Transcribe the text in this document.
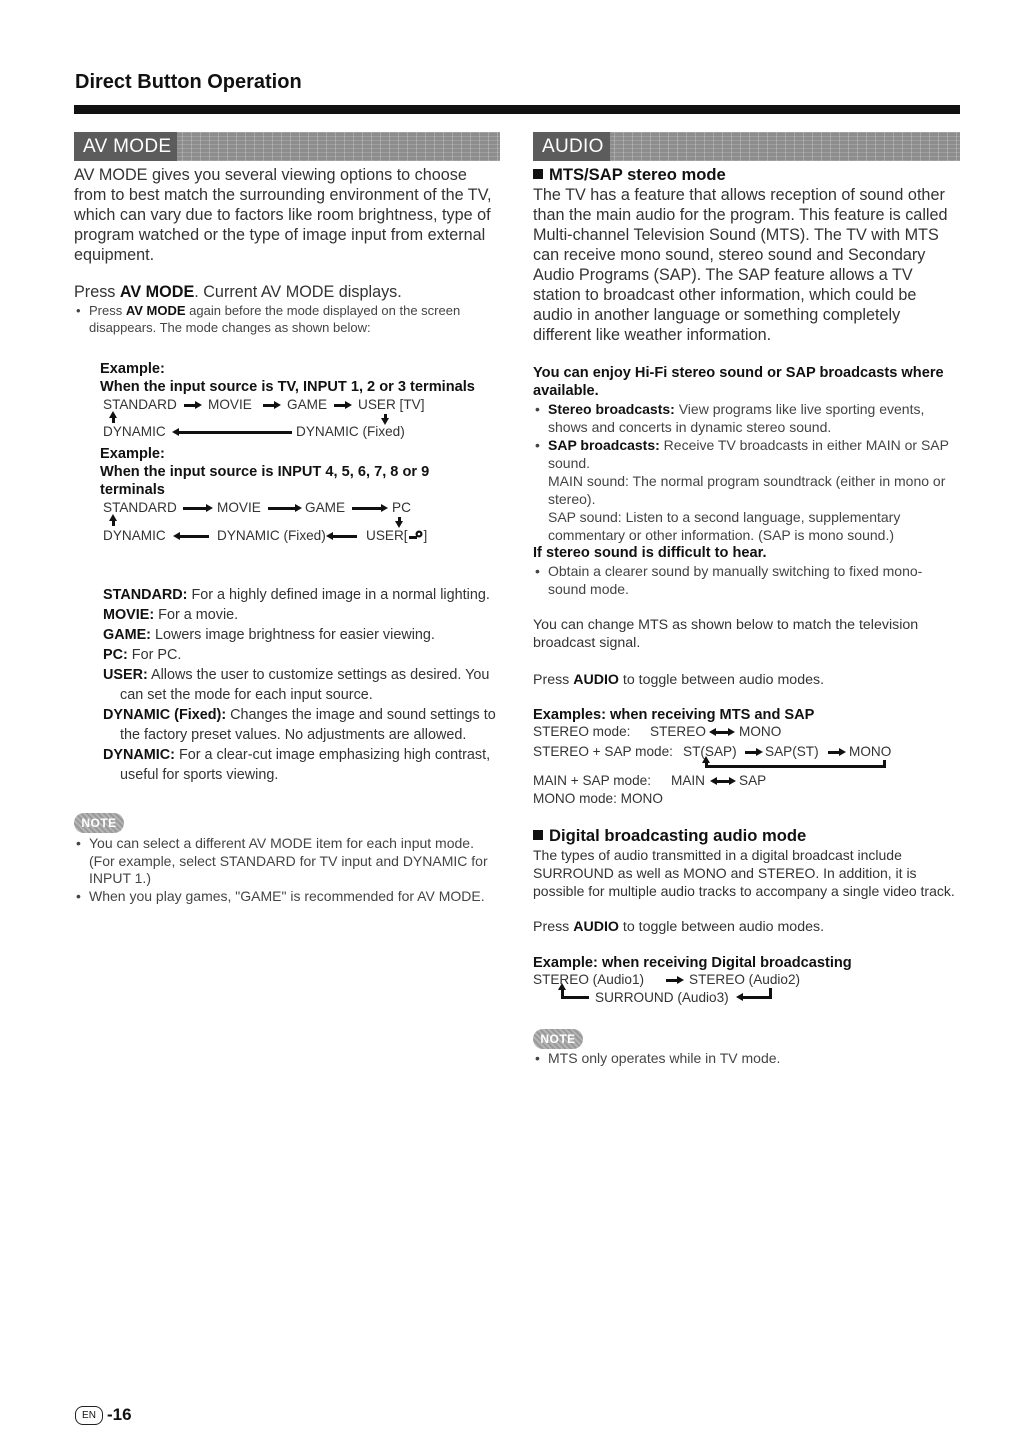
Direct Button Operation
AV MODE

AV MODE gives you several viewing options to choose from to best match the surrounding environment of the TV, which can vary due to factors like room brightness, type of program watched or the type of image input from external equipment.

Press AV MODE. Current AV MODE displays.

• Press AV MODE again before the mode displayed on the screen disappears. The mode changes as shown below:
Example:
When the input source is TV, INPUT 1, 2 or 3 terminals
STANDARD MOVIE	GAME USER [TV]
DYNAMIC	DYNAMIC (Fixed)
Example:
When the input source is INPUT 4, 5, 6, 7, 8 or 9 terminals
STANDARD	MOVIE	GAME	PC
DYNAMIC	DYNAMIC (Fixed)	USER[ ]

STANDARD: For a highly defined image in a normal lighting.

MOVIE: For a movie.

GAME: Lowers image brightness for easier viewing.

PC: For PC.

USER: Allows the user to customize settings as desired. You can set the mode for each input source.

DYNAMIC (Fixed): Changes the image and sound settings to the factory preset values. No adjustments are allowed.

DYNAMIC: For a clear-cut image emphasizing high contrast, useful for sports viewing.

NOTE
• You can select a different AV MODE item for each input mode. (For example, select STANDARD for TV input and DYNAMIC for INPUT 1.)
• When you play games, "GAME" is recommended for AV MODE.
AUDIO
MTS/SAP stereo mode

The TV has a feature that allows reception of sound other than the main audio for the program. This feature is called Multi-channel Television Sound (MTS). The TV with MTS can receive mono sound, stereo sound and Secondary Audio Programs (SAP). The SAP feature allows a TV station to broadcast other information, which could be audio in another language or something completely different like weather information.

You can enjoy Hi-Fi stereo sound or SAP broadcasts where available.
• Stereo broadcasts: View programs like live sporting events, shows and concerts in dynamic stereo sound.
• SAP broadcasts: Receive TV broadcasts in either MAIN or SAP sound.
MAIN sound: The normal program soundtrack (either in mono or stereo).
SAP sound: Listen to a second language, supplementary commentary or other information. (SAP is mono sound.)
If stereo sound is difficult to hear.
• Obtain a clearer sound by manually switching to fixed mono-sound mode.

You can change MTS as shown below to match the television broadcast signal.

Press AUDIO to toggle between audio modes.

Examples: when receiving MTS and SAP
STEREO mode: STEREO MONO
STEREO + SAP mode: ST(SAP) SAP(ST) MONO
MAIN + SAP mode: MAIN	SAP
MONO mode: MONO
Digital broadcasting audio mode

The types of audio transmitted in a digital broadcast include SURROUND as well as MONO and STEREO. In addition, it is possible for multiple audio tracks to accompany a single video track.

Press AUDIO to toggle between audio modes.

Example: when receiving Digital broadcasting
STEREO (Audio1)	STEREO (Audio2)
SURROUND (Audio3)
NOTE
• MTS only operates while in TV mode.
EN - 16
